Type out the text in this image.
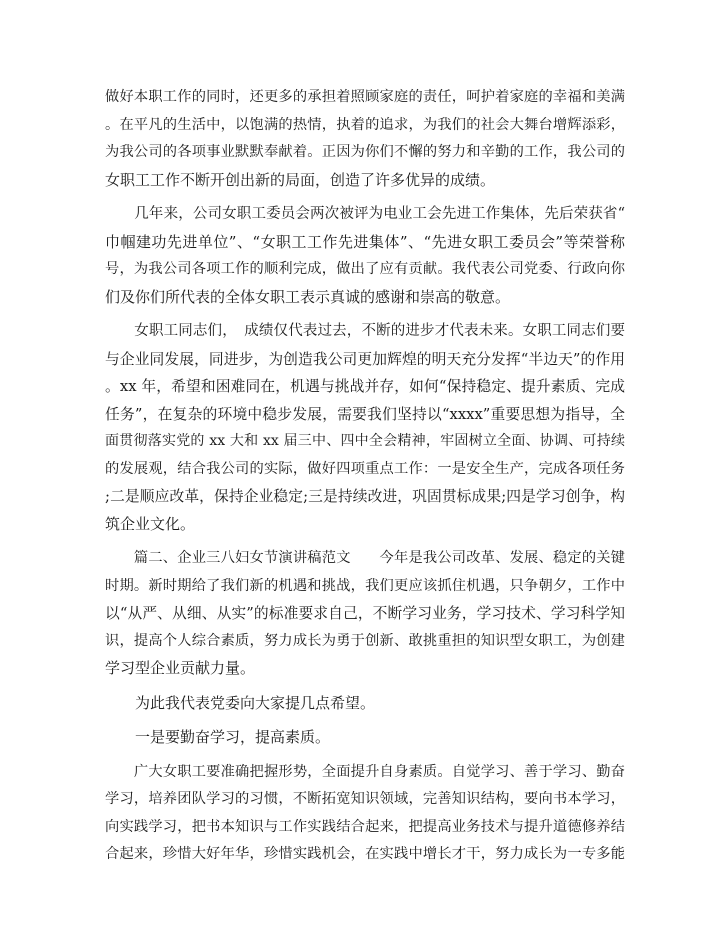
做好本职工作的同时，还更多的承担着照顾家庭的责任，呵护着家庭的幸福和美满
。在平凡的生活中，以饱满的热情，执着的追求，为我们的社会大舞台增辉添彩，
为我公司的各项事业默默奉献着。正因为你们不懈的努力和辛勤的工作，我公司的
女职工工作不断开创出新的局面，创造了许多优异的成绩。
　　几年来，公司女职工委员会两次被评为电业工会先进工作集体，先后荣获省“
巾帼建功先进单位”、“女职工工作先进集体”、“先进女职工委员会”等荣誉称
号，为我公司各项工作的顺利完成，做出了应有贡献。我代表公司党委、行政向你
们及你们所代表的全体女职工表示真诚的感谢和崇高的敬意。
　　女职工同志们，　成绩仅代表过去，不断的进步才代表未来。女职工同志们要
与企业同发展，同进步，为创造我公司更加辉煌的明天充分发挥“半边天”的作用
。xx 年，希望和困难同在，机遇与挑战并存，如何“保持稳定、提升素质、完成
任务”，在复杂的环境中稳步发展，需要我们坚持以“xxxx”重要思想为指导，全
面贯彻落实党的 xx 大和 xx 届三中、四中全会精神，牢固树立全面、协调、可持续
的发展观，结合我公司的实际，做好四项重点工作：一是安全生产，完成各项任务
;二是顺应改革，保持企业稳定;三是持续改进，巩固贯标成果;四是学习创争，构
筑企业文化。
　　篇二、企业三八妇女节演讲稿范文　　今年是我公司改革、发展、稳定的关键
时期。新时期给了我们新的机遇和挑战，我们更应该抓住机遇，只争朝夕，工作中
以“从严、从细、从实”的标准要求自己，不断学习业务，学习技术、学习科学知
识，提高个人综合素质，努力成长为勇于创新、敢挑重担的知识型女职工，为创建
学习型企业贡献力量。
　　为此我代表党委向大家提几点希望。
　　一是要勤奋学习，提高素质。
　　广大女职工要准确把握形势，全面提升自身素质。自觉学习、善于学习、勤奋
学习，培养团队学习的习惯，不断拓宽知识领域，完善知识结构，要向书本学习，
向实践学习，把书本知识与工作实践结合起来，把提高业务技术与提升道德修养结
合起来，珍惜大好年华，珍惜实践机会，在实践中增长才干，努力成长为一专多能
